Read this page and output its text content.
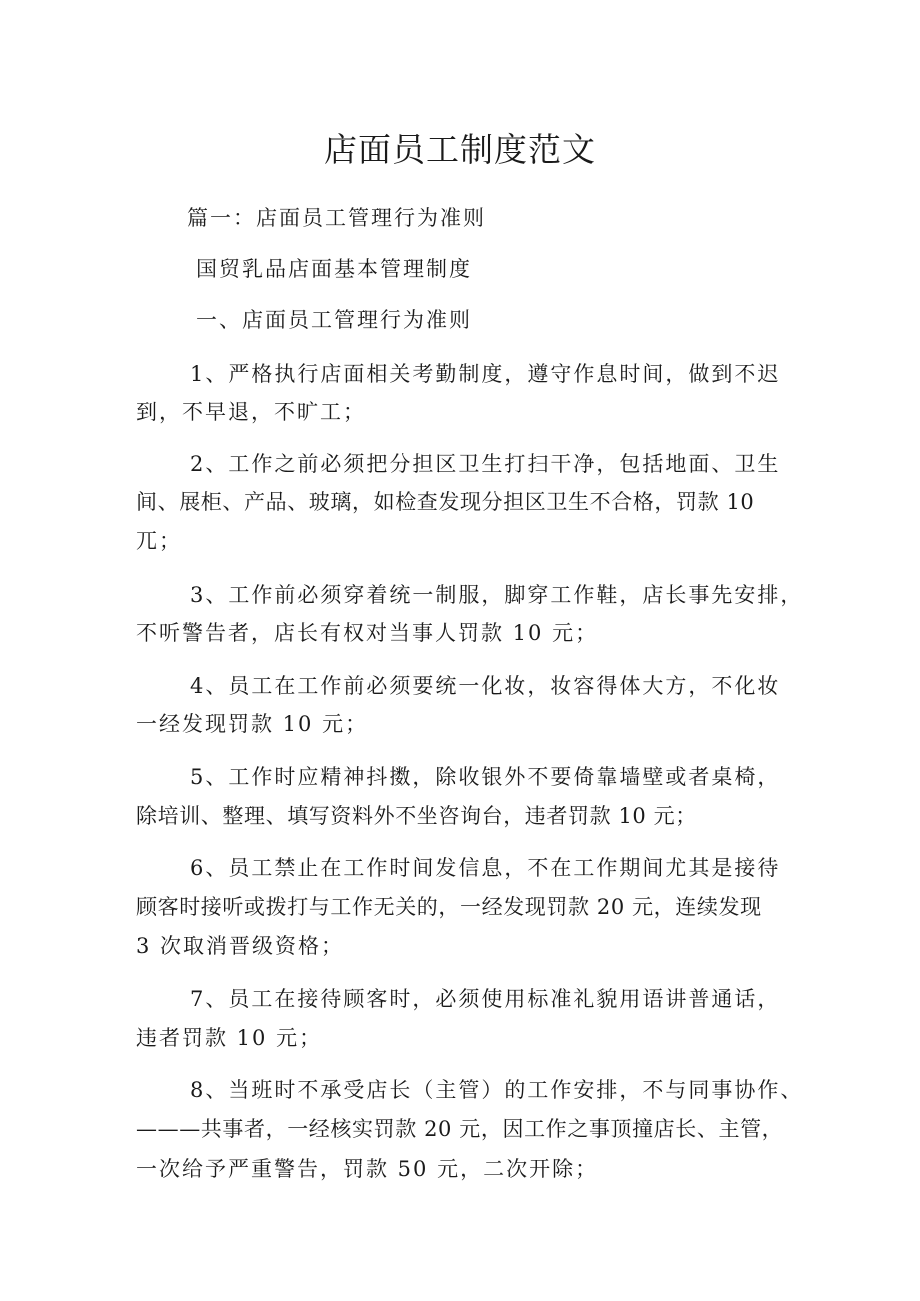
店面员工制度范文

篇一：店面员工管理行为准则

国贸乳品店面基本管理制度

一、店面员工管理行为准则

1、严格执行店面相关考勤制度，遵守作息时间，做到不迟

到，不早退，不旷工；

2、工作之前必须把分担区卫生打扫干净，包括地面、卫生

间、展柜、产品、玻璃，如检查发现分担区卫生不合格，罚款 10

兀；

3、工作前必须穿着统一制服，脚穿工作鞋，店长事先安排，

不听警告者，店长有权对当事人罚款 10 元；

4、员工在工作前必须要统一化妆，妆容得体大方，不化妆

一经发现罚款 10 元；

5、工作时应精神抖擞，除收银外不要倚靠墙壁或者桌椅，

除培训、整理、填写资料外不坐咨询台，违者罚款 10 元；

6、员工禁止在工作时间发信息，不在工作期间尤其是接待

顾客时接听或拨打与工作无关的，一经发现罚款 20 元，连续发现

3 次取消晋级资格；

7、员工在接待顾客时，必须使用标准礼貌用语讲普通话，

违者罚款 10 元；

8、当班时不承受店长（主管）的工作安排，不与同事协作、

———共事者，一经核实罚款 20 元，因工作之事顶撞店长、主管，

一次给予严重警告，罚款 50 元，二次开除；
